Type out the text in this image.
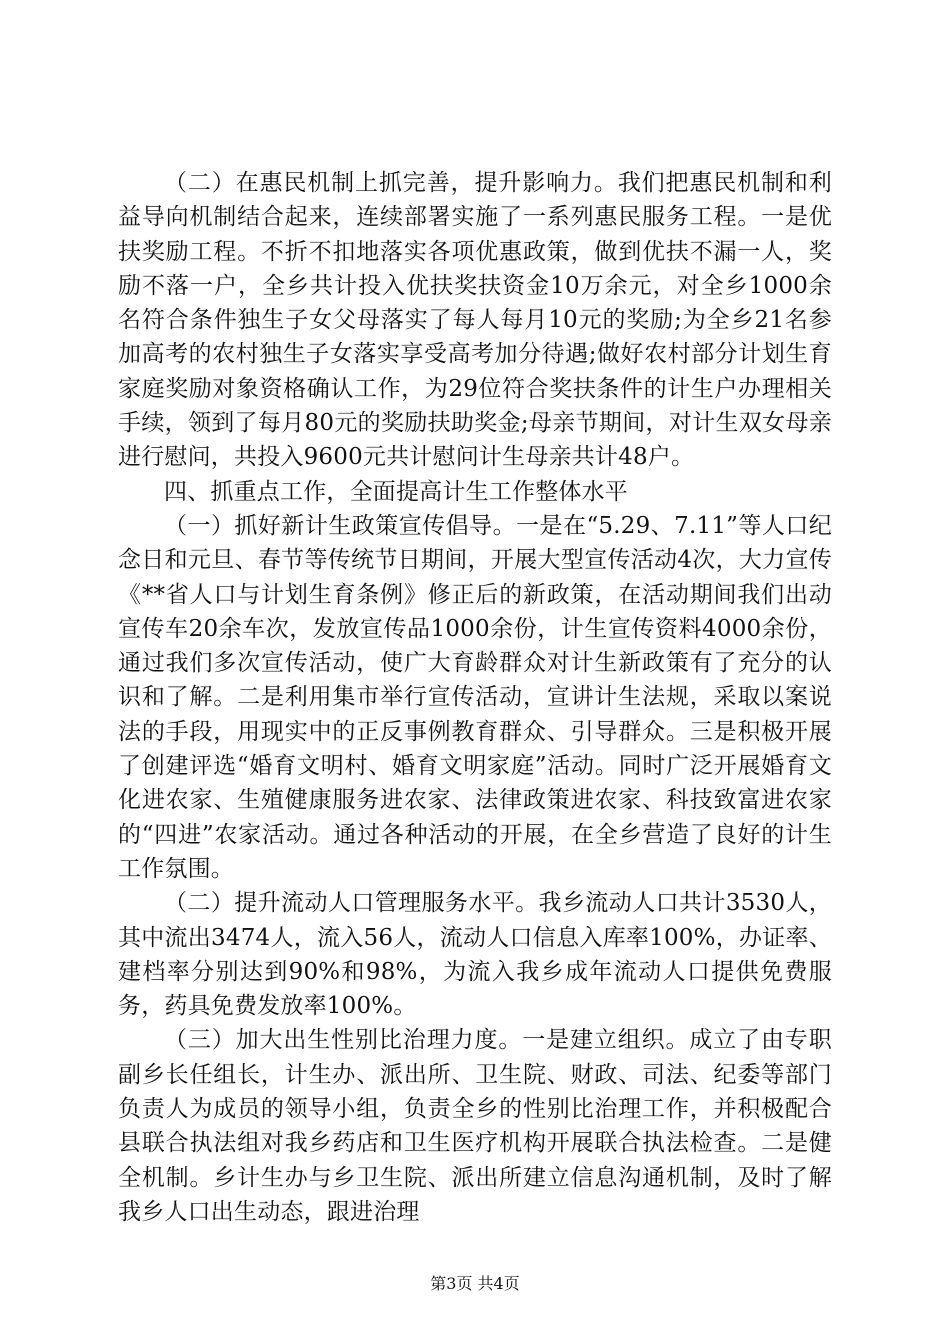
（二）在惠民机制上抓完善，提升影响力。我们把惠民机制和利益导向机制结合起来，连续部署实施了一系列惠民服务工程。一是优扶奖励工程。不折不扣地落实各项优惠政策，做到优扶不漏一人，奖励不落一户，全乡共计投入优扶奖扶资金10万余元，对全乡1000余名符合条件独生子女父母落实了每人每月10元的奖励;为全乡21名参加高考的农村独生子女落实享受高考加分待遇;做好农村部分计划生育家庭奖励对象资格确认工作，为29位符合奖扶条件的计生户办理相关手续，领到了每月80元的奖励扶助奖金;母亲节期间，对计生双女母亲进行慰问，共投入9600元共计慰问计生母亲共计48户。

四、抓重点工作，全面提高计生工作整体水平

（一）抓好新计生政策宣传倡导。一是在“5.29、7.11”等人口纪念日和元旦、春节等传统节日期间，开展大型宣传活动4次，大力宣传《**省人口与计划生育条例》修正后的新政策，在活动期间我们出动宣传车20余车次，发放宣传品1000余份，计生宣传资料4000余份，通过我们多次宣传活动，使广大育龄群众对计生新政策有了充分的认识和了解。二是利用集市举行宣传活动，宣讲计生法规，采取以案说法的手段，用现实中的正反事例教育群众、引导群众。三是积极开展了创建评选“婚育文明村、婚育文明家庭”活动。同时广泛开展婚育文化进农家、生殖健康服务进农家、法律政策进农家、科技致富进农家的“四进”农家活动。通过各种活动的开展，在全乡营造了良好的计生工作氛围。

（二）提升流动人口管理服务水平。我乡流动人口共计3530人，其中流出3474人，流入56人，流动人口信息入库率100%，办证率、建档率分别达到90%和98%，为流入我乡成年流动人口提供免费服务，药具免费发放率100%。

（三）加大出生性别比治理力度。一是建立组织。成立了由专职副乡长任组长，计生办、派出所、卫生院、财政、司法、纪委等部门负责人为成员的领导小组，负责全乡的性别比治理工作，并积极配合县联合执法组对我乡药店和卫生医疗机构开展联合执法检查。二是健全机制。乡计生办与乡卫生院、派出所建立信息沟通机制，及时了解我乡人口出生动态，跟进治理

第3页 共4页
